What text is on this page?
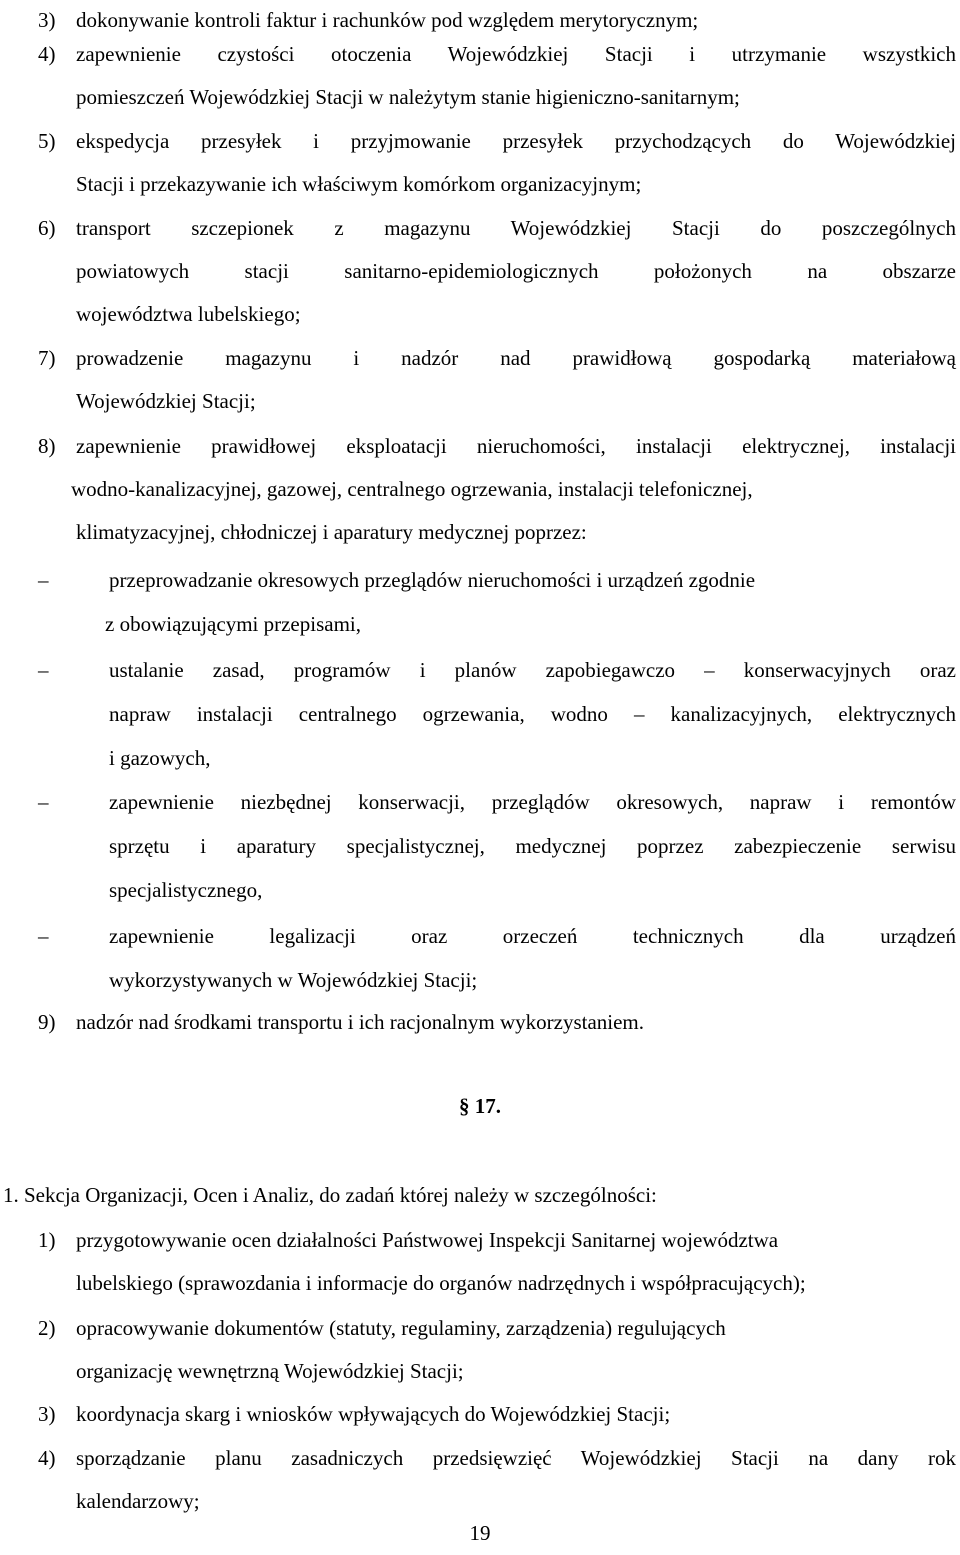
3) dokonywanie kontroli faktur i rachunków pod względem merytorycznym;
4) zapewnienie czystości otoczenia Wojewódzkiej Stacji i utrzymanie wszystkich
pomieszczeń Wojewódzkiej Stacji w należytym stanie higieniczno-sanitarnym;
5) ekspedycja przesyłek i przyjmowanie przesyłek przychodzących do Wojewódzkiej
Stacji i przekazywanie ich właściwym komórkom organizacyjnym;
6) transport szczepionek z magazynu Wojewódzkiej Stacji do poszczególnych
powiatowych stacji sanitarno-epidemiologicznych położonych na obszarze
województwa lubelskiego;
7) prowadzenie magazynu i nadzór nad prawidłową gospodarką materiałową
Wojewódzkiej Stacji;
8) zapewnienie prawidłowej eksploatacji nieruchomości, instalacji elektrycznej, instalacji
wodno-kanalizacyjnej, gazowej, centralnego ogrzewania, instalacji telefonicznej,
klimatyzacyjnej, chłodniczej i aparatury medycznej poprzez:
–	przeprowadzanie okresowych przeglądów nieruchomości i urządzeń zgodnie
z obowiązującymi przepisami,
–	ustalanie zasad, programów i planów zapobiegawczo – konserwacyjnych oraz
napraw instalacji centralnego ogrzewania, wodno – kanalizacyjnych, elektrycznych
i gazowych,
–	zapewnienie niezbędnej konserwacji, przeglądów okresowych, napraw i remontów
sprzętu i aparatury specjalistycznej, medycznej poprzez zabezpieczenie serwisu
specjalistycznego,
–	zapewnienie legalizacji oraz orzeczeń technicznych dla urządzeń
wykorzystywanych w Wojewódzkiej Stacji;
9) nadzór nad środkami transportu i ich racjonalnym wykorzystaniem.
§ 17.
1. Sekcja Organizacji, Ocen i Analiz, do zadań której należy w szczególności:
1) przygotowywanie ocen działalności Państwowej Inspekcji Sanitarnej województwa
lubelskiego (sprawozdania i informacje do organów nadrzędnych i współpracujących);
2) opracowywanie dokumentów (statuty, regulaminy, zarządzenia) regulujących
organizację wewnętrzną Wojewódzkiej Stacji;
3) koordynacja skarg i wniosków wpływających do Wojewódzkiej Stacji;
4) sporządzanie planu zasadniczych przedsięwzięć Wojewódzkiej Stacji na dany rok
kalendarzowy;
19
